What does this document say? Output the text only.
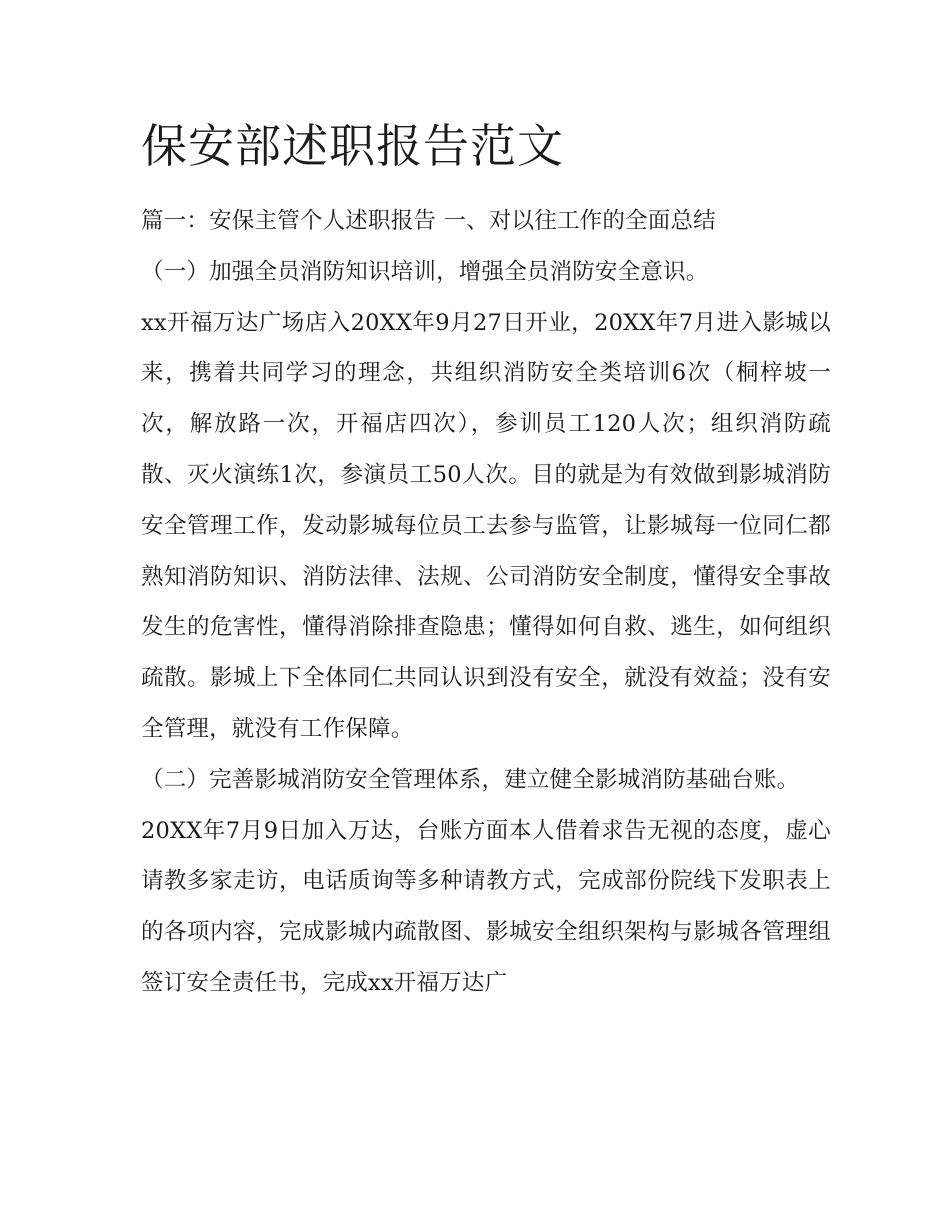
保安部述职报告范文

篇一：安保主管个人述职报告 一、对以往工作的全面总结

（一）加强全员消防知识培训，增强全员消防安全意识。

xx开福万达广场店入20XX年9月27日开业，20XX年7月进入影城以来，携着共同学习的理念，共组织消防安全类培训6次（桐梓坡一次，解放路一次，开福店四次），参训员工120人次；组织消防疏散、灭火演练1次，参演员工50人次。目的就是为有效做到影城消防安全管理工作，发动影城每位员工去参与监管，让影城每一位同仁都熟知消防知识、消防法律、法规、公司消防安全制度，懂得安全事故发生的危害性，懂得消除排查隐患；懂得如何自救、逃生，如何组织疏散。影城上下全体同仁共同认识到没有安全，就没有效益；没有安全管理，就没有工作保障。

（二）完善影城消防安全管理体系，建立健全影城消防基础台账。

20XX年7月9日加入万达，台账方面本人借着求告无视的态度，虚心请教多家走访，电话质询等多种请教方式，完成部份院线下发职表上的各项内容，完成影城内疏散图、影城安全组织架构与影城各管理组签订安全责任书，完成xx开福万达广
